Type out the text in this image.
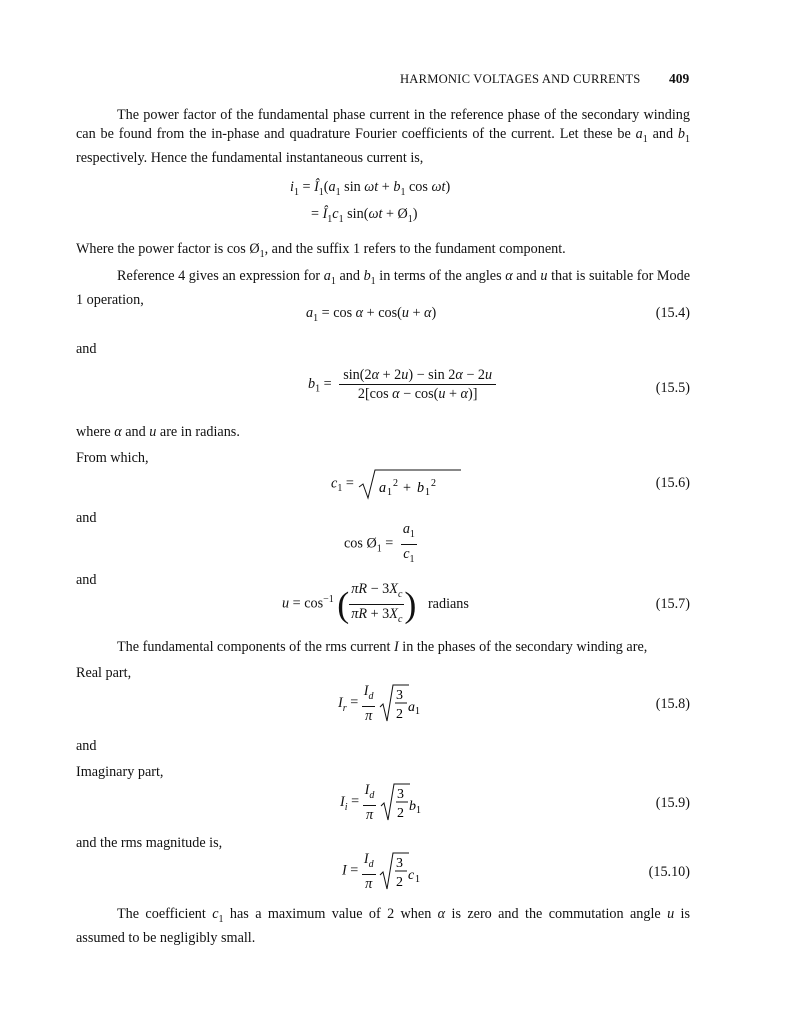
HARMONIC VOLTAGES AND CURRENTS 409
The power factor of the fundamental phase current in the reference phase of the secondary winding can be found from the in-phase and quadrature Fourier coefficients of the current. Let these be $a_1$ and $b_1$ respectively. Hence the fundamental instantaneous current is,
$i_1$ = $Î_1(a_1$ $\sin \omega t + b_1$ cos ωt)
= $Î_1c_1$ $\sin(\omega t + Ø_1)$
Where the power factor is $\cos Ø_1$, and the suffix 1 refers to the fundament component.
Reference 4 gives an expression for $a_1$ and $b_1$ in terms of the angles α and u that is suitable for Mode 1 operation,
$a_1 = \cos \alpha + \cos(u + \alpha)$	(15.4)
and
$b_1 = \frac{\sin(2\alpha + 2u) - \sin 2\alpha - 2u}{\text{2[cos α − cos(u + α)]}}$	(15.5)
where α and u are in radians.
From which,
$c_1 = a$ 1
2 + b 1
2	(15.6)
and
$\cos Ø_1 = \frac{a_1}{c_1}$
and
$u = \cos^{-1}$ ( $\frac{\pi R - 3X_c}{\pi R + 3X_c}$ ) radians	(15.7)
The fundamental components of the rms current I in the phases of the secondary winding are,
Real part,
$I_r = \frac{I_d}{\pi}$
3
2 a 1	(15.8)
and
Imaginary part,
$I_i = \frac{I_d}{\pi}$
3
2 b 1	(15.9)
and the rms magnitude is,
$I = \frac{I_d}{\pi}$
3
2 c 1	(15.10)
The coefficient $c_1$ has a maximum value of 2 when α is zero and the commutation angle u is assumed to be negligibly small.
